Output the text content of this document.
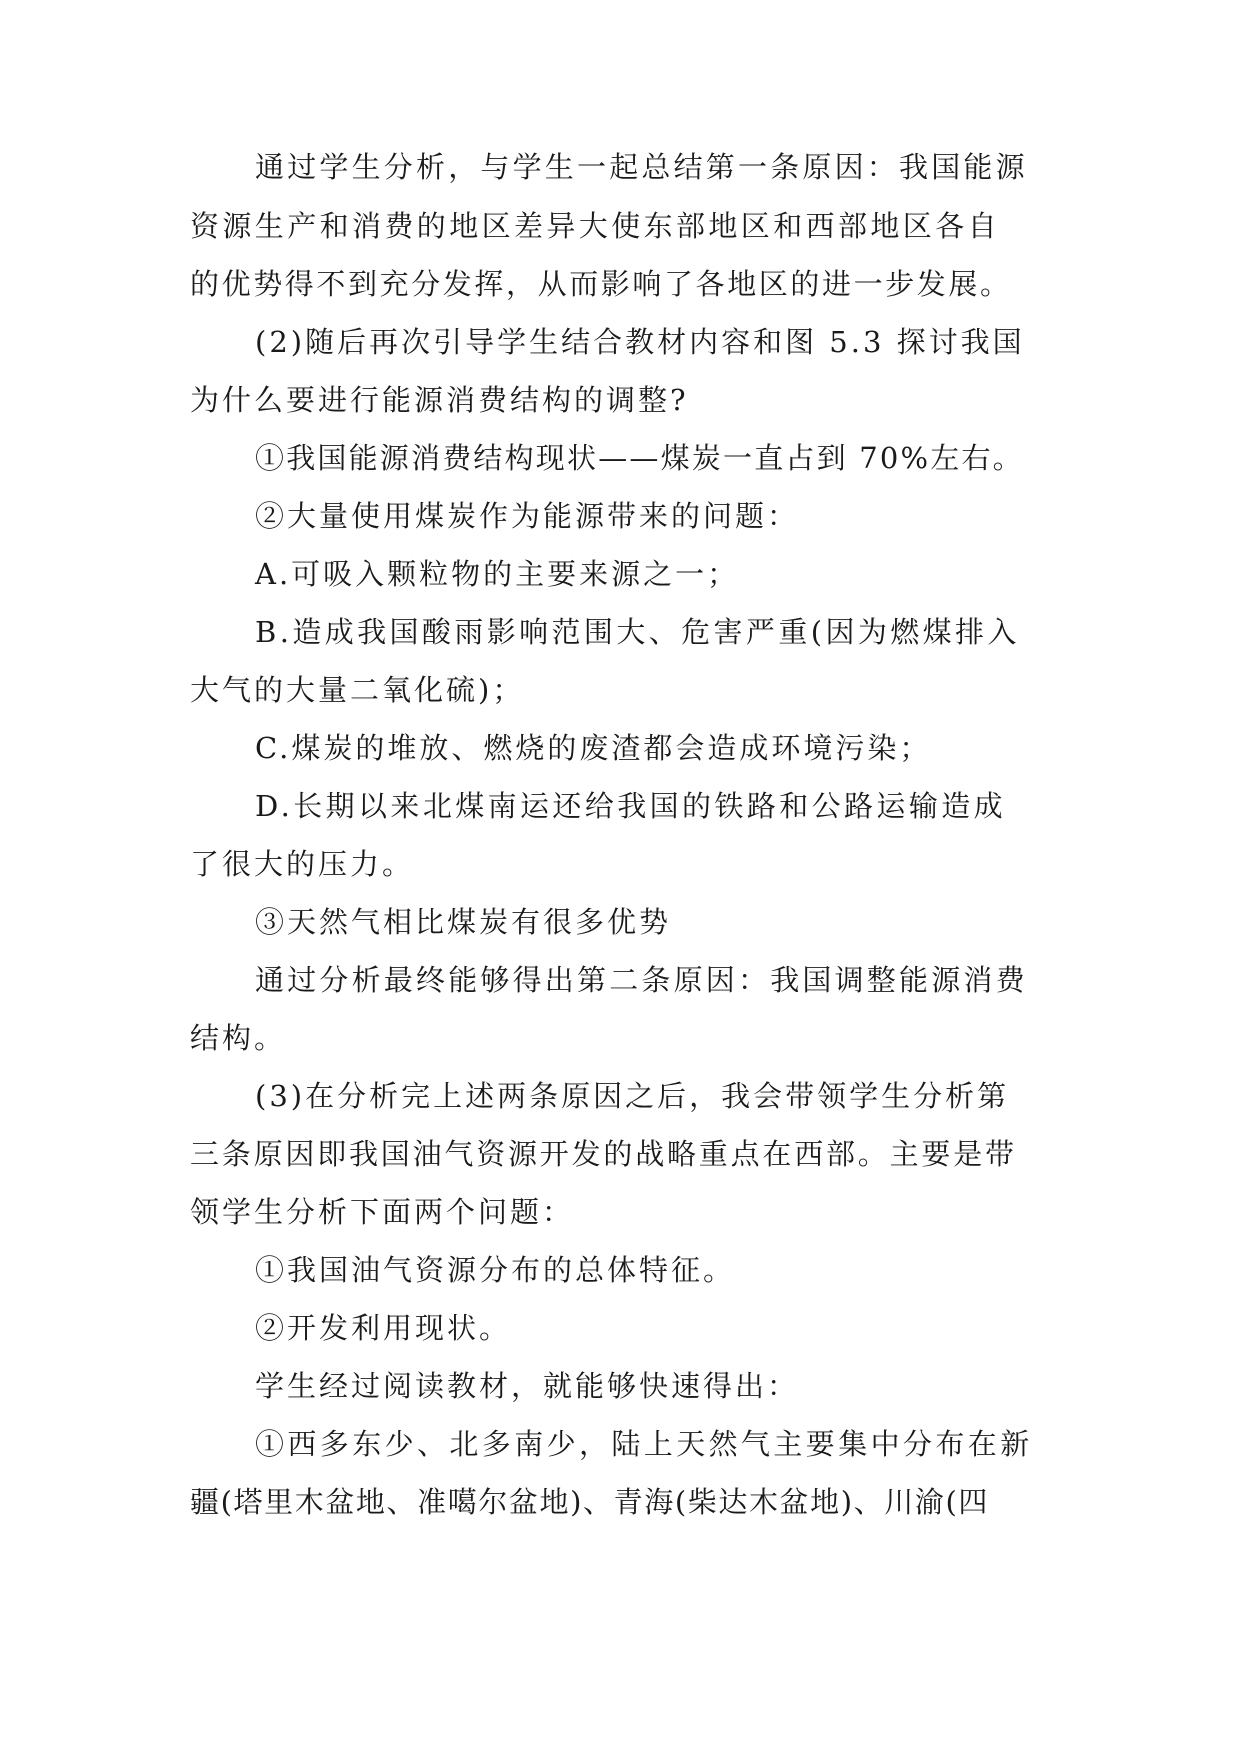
通过学生分析，与学生一起总结第一条原因：我国能源
资源生产和消费的地区差异大使东部地区和西部地区各自
的优势得不到充分发挥，从而影响了各地区的进一步发展。
(2)随后再次引导学生结合教材内容和图 5.3 探讨我国
为什么要进行能源消费结构的调整?
①我国能源消费结构现状——煤炭一直占到 70%左右。
②大量使用煤炭作为能源带来的问题：
A.可吸入颗粒物的主要来源之一；
B.造成我国酸雨影响范围大、危害严重(因为燃煤排入
大气的大量二氧化硫)；
C.煤炭的堆放、燃烧的废渣都会造成环境污染；
D.长期以来北煤南运还给我国的铁路和公路运输造成
了很大的压力。
③天然气相比煤炭有很多优势
通过分析最终能够得出第二条原因：我国调整能源消费
结构。
(3)在分析完上述两条原因之后，我会带领学生分析第
三条原因即我国油气资源开发的战略重点在西部。主要是带
领学生分析下面两个问题：
①我国油气资源分布的总体特征。
②开发利用现状。
学生经过阅读教材，就能够快速得出：
①西多东少、北多南少，陆上天然气主要集中分布在新
疆(塔里木盆地、准噶尔盆地)、青海(柴达木盆地)、川渝(四
